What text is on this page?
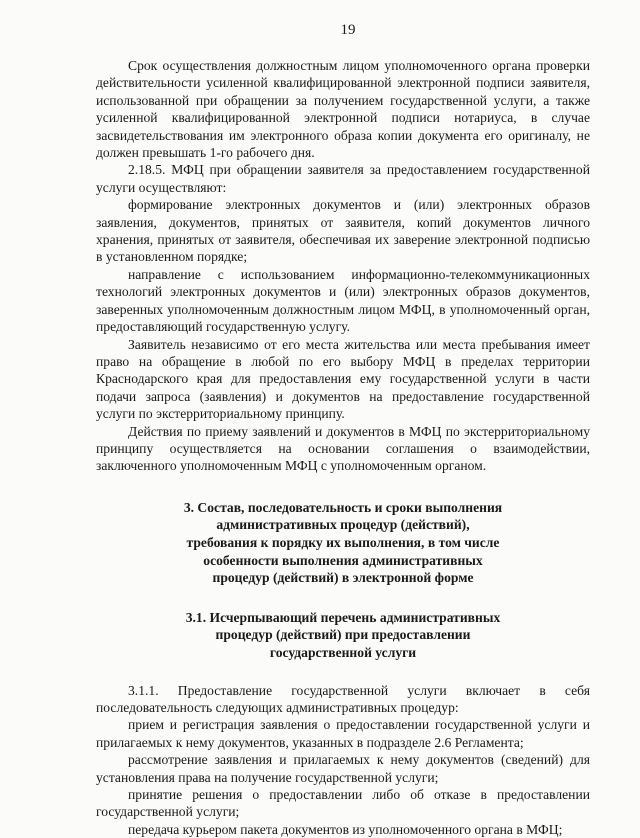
19

Срок осуществления должностным лицом уполномоченного органа проверки действительности усиленной квалифицированной электронной подписи заявителя, использованной при обращении за получением государственной услуги, а также усиленной квалифицированной электронной подписи нотариуса, в случае засвидетельствования им электронного образа копии документа его оригиналу, не должен превышать 1-го рабочего дня.

2.18.5. МФЦ при обращении заявителя за предоставлением государственной услуги осуществляют:

формирование электронных документов и (или) электронных образов заявления, документов, принятых от заявителя, копий документов личного хранения, принятых от заявителя, обеспечивая их заверение электронной подписью в установленном порядке;

направление с использованием информационно-телекоммуникационных технологий электронных документов и (или) электронных образов документов, заверенных уполномоченным должностным лицом МФЦ, в уполномоченный орган, предоставляющий государственную услугу.

Заявитель независимо от его места жительства или места пребывания имеет право на обращение в любой по его выбору МФЦ в пределах территории Краснодарского края для предоставления ему государственной услуги в части подачи запроса (заявления) и документов на предоставление государственной услуги по экстерриториальному принципу.

Действия по приему заявлений и документов в МФЦ по экстерриториальному принципу осуществляется на основании соглашения о взаимодействии, заключенного уполномоченным МФЦ с уполномоченным органом.

3. Состав, последовательность и сроки выполнения
административных процедур (действий),
требования к порядку их выполнения, в том числе
особенности выполнения административных
процедур (действий) в электронной форме
3.1. Исчерпывающий перечень административных
процедур (действий) при предоставлении
государственной услуги

3.1.1. Предоставление государственной услуги включает в себя последовательность следующих административных процедур:

прием и регистрация заявления о предоставлении государственной услуги и прилагаемых к нему документов, указанных в подразделе 2.6 Регламента;

рассмотрение заявления и прилагаемых к нему документов (сведений) для установления права на получение государственной услуги;

принятие решения о предоставлении либо об отказе в предоставлении государственной услуги;

передача курьером пакета документов из уполномоченного органа в МФЦ;
